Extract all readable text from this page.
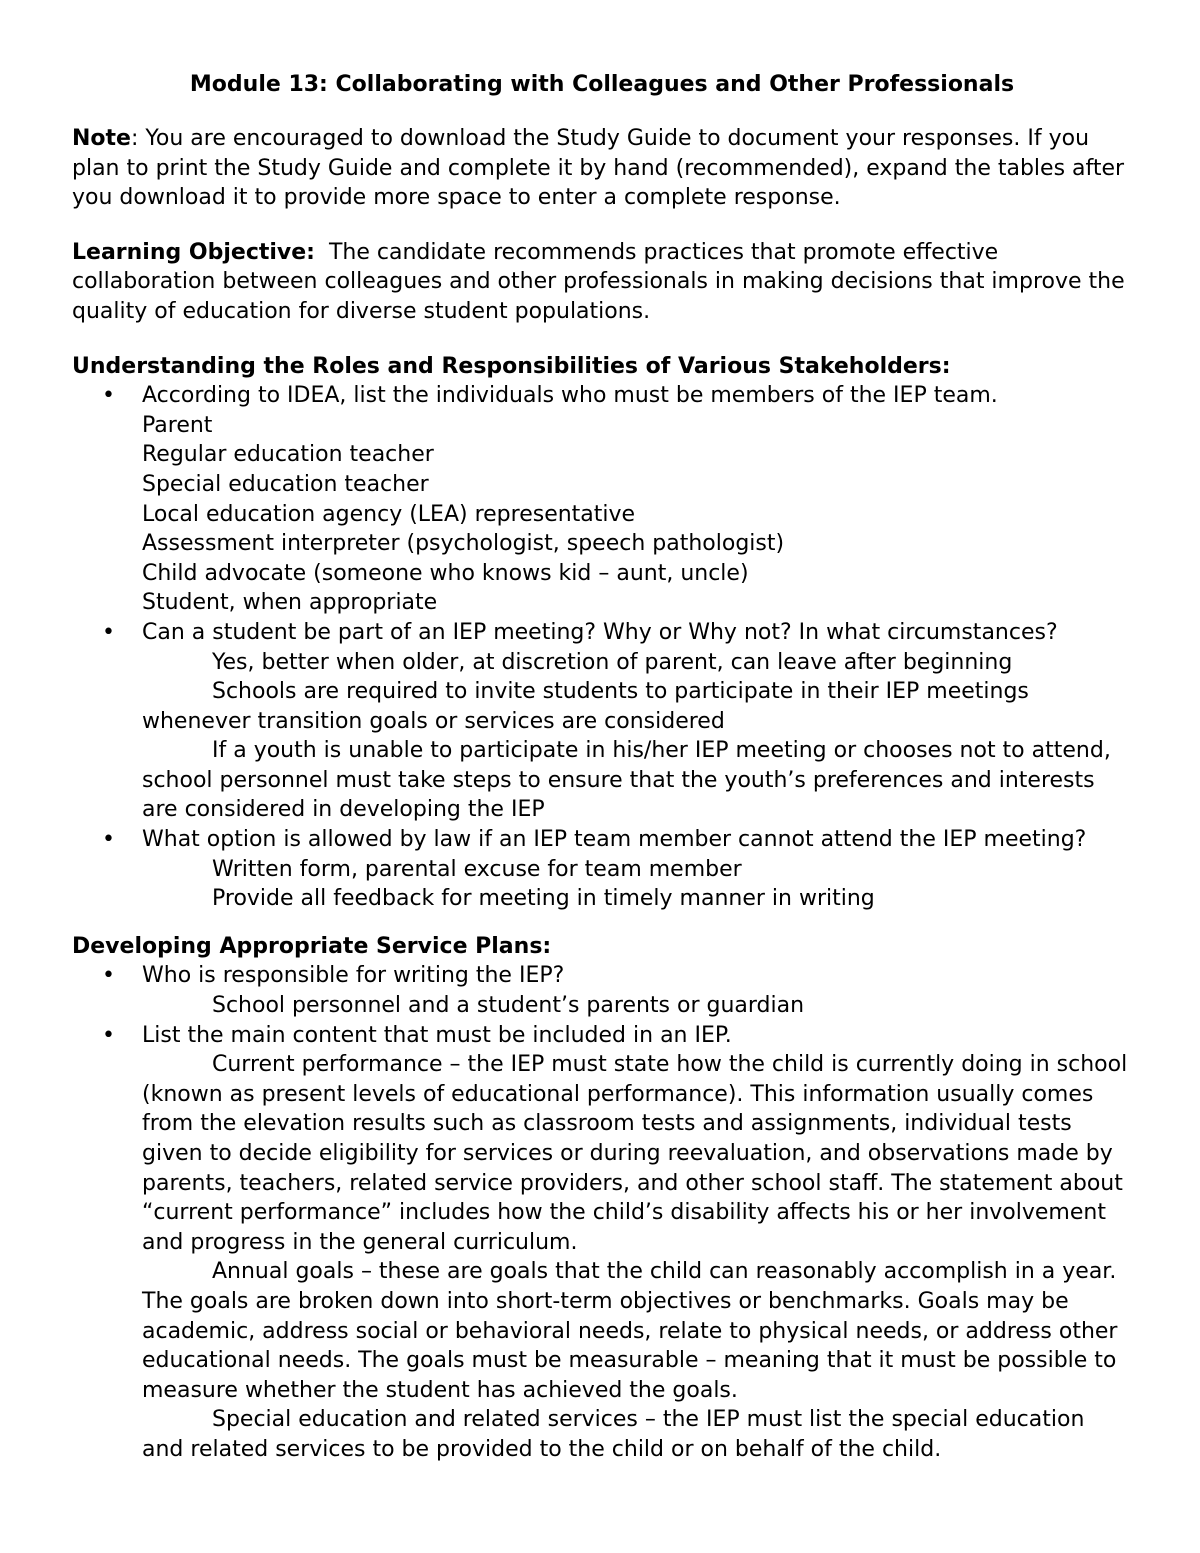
Module 13: Collaborating with Colleagues and Other Professionals

Note: You are encouraged to download the Study Guide to document your responses. If you plan to print the Study Guide and complete it by hand (recommended), expand the tables after you download it to provide more space to enter a complete response.

Learning Objective:  The candidate recommends practices that promote effective collaboration between colleagues and other professionals in making decisions that improve the quality of education for diverse student populations.

Understanding the Roles and Responsibilities of Various Stakeholders:

• According to IDEA, list the individuals who must be members of the IEP team.

Parent

Regular education teacher

Special education teacher

Local education agency (LEA) representative

Assessment interpreter (psychologist, speech pathologist)

Child advocate (someone who knows kid – aunt, uncle)

Student, when appropriate

• Can a student be part of an IEP meeting? Why or Why not? In what circumstances?

Yes, better when older, at discretion of parent, can leave after beginning

Schools are required to invite students to participate in their IEP meetings whenever transition goals or services are considered

If a youth is unable to participate in his/her IEP meeting or chooses not to attend, school personnel must take steps to ensure that the youth’s preferences and interests are considered in developing the IEP

• What option is allowed by law if an IEP team member cannot attend the IEP meeting?

Written form, parental excuse for team member

Provide all feedback for meeting in timely manner in writing

Developing Appropriate Service Plans:

• Who is responsible for writing the IEP?

School personnel and a student’s parents or guardian

• List the main content that must be included in an IEP.

Current performance – the IEP must state how the child is currently doing in school (known as present levels of educational performance). This information usually comes from the elevation results such as classroom tests and assignments, individual tests given to decide eligibility for services or during reevaluation, and observations made by parents, teachers, related service providers, and other school staff. The statement about “current performance” includes how the child’s disability affects his or her involvement and progress in the general curriculum.

Annual goals – these are goals that the child can reasonably accomplish in a year. The goals are broken down into short-term objectives or benchmarks. Goals may be academic, address social or behavioral needs, relate to physical needs, or address other educational needs. The goals must be measurable – meaning that it must be possible to measure whether the student has achieved the goals.

Special education and related services – the IEP must list the special education and related services to be provided to the child or on behalf of the child.
